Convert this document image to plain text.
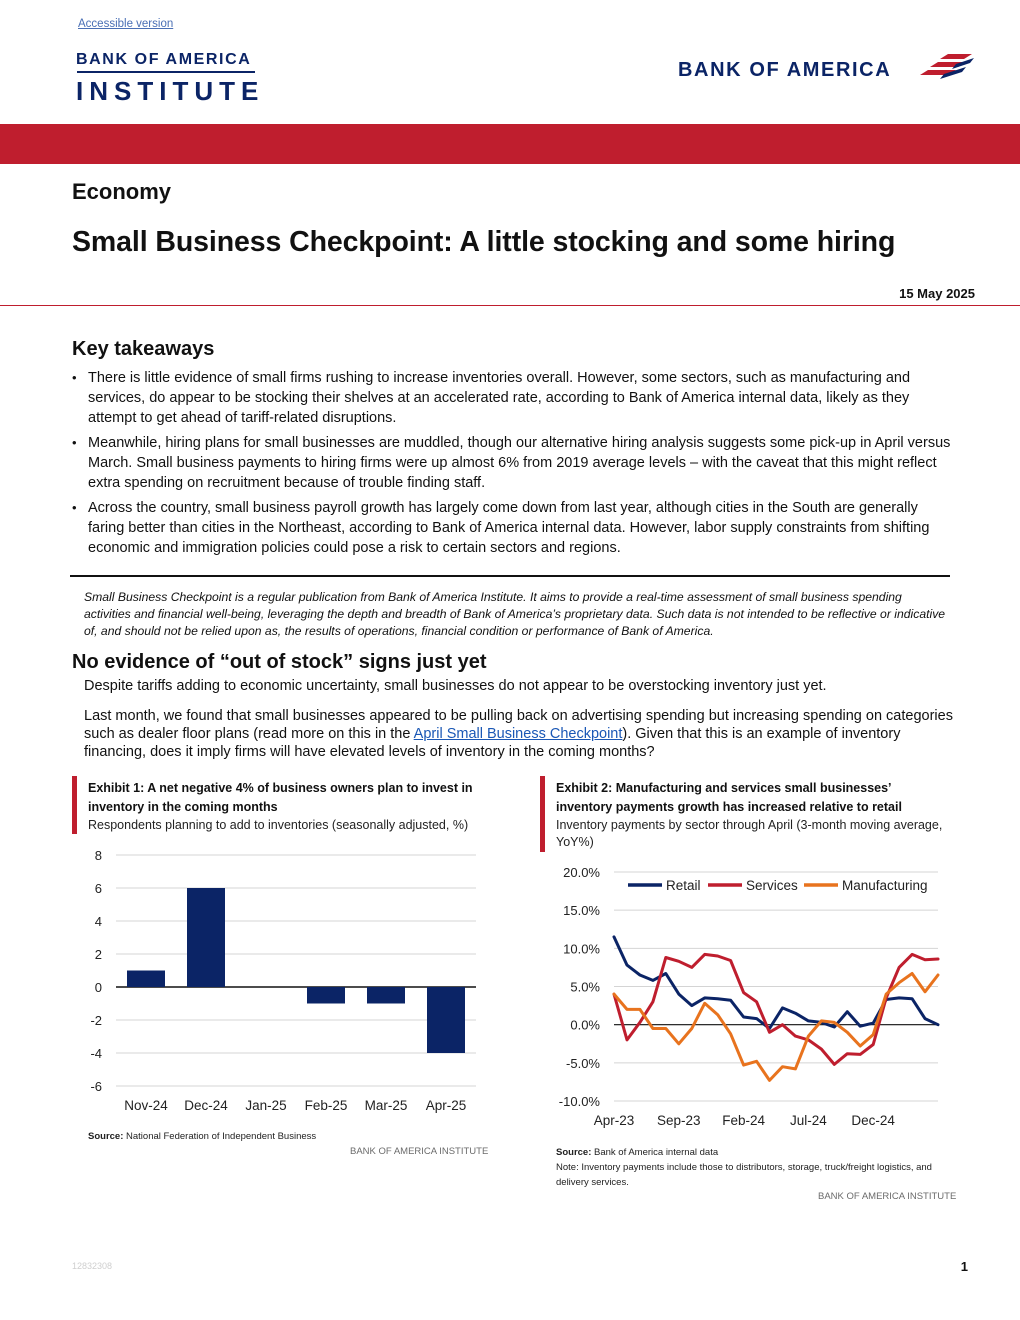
Accessible version
BANK OF AMERICA
INSTITUTE
BANK OF AMERICA
Economy
Small Business Checkpoint: A little stocking and some hiring
15 May 2025
Key takeaways
• There is little evidence of small firms rushing to increase inventories overall. However, some sectors, such as manufacturing and services, do appear to be stocking their shelves at an accelerated rate, according to Bank of America internal data, likely as they attempt to get ahead of tariff-related disruptions.
• Meanwhile, hiring plans for small businesses are muddled, though our alternative hiring analysis suggests some pick-up in April versus March. Small business payments to hiring firms were up almost 6% from 2019 average levels – with the caveat that this might reflect extra spending on recruitment because of trouble finding staff.
• Across the country, small business payroll growth has largely come down from last year, although cities in the South are generally faring better than cities in the Northeast, according to Bank of America internal data. However, labor supply constraints from shifting economic and immigration policies could pose a risk to certain sectors and regions.
Small Business Checkpoint is a regular publication from Bank of America Institute. It aims to provide a real-time assessment of small business spending activities and financial well-being, leveraging the depth and breadth of Bank of America’s proprietary data. Such data is not intended to be reflective or indicative of, and should not be relied upon as, the results of operations, financial condition or performance of Bank of America.
No evidence of “out of stock” signs just yet
Despite tariffs adding to economic uncertainty, small businesses do not appear to be overstocking inventory just yet.
Last month, we found that small businesses appeared to be pulling back on advertising spending but increasing spending on categories such as dealer floor plans (read more on this in the April Small Business Checkpoint). Given that this is an example of inventory financing, does it imply firms will have elevated levels of inventory in the coming months?
Exhibit 1: A net negative 4% of business owners plan to invest in inventory in the coming months
Respondents planning to add to inventories (seasonally adjusted, %)
8
6
4
2
0
-2
-4
-6
Nov-24 Dec-24 Jan-25 Feb-25 Mar-25 Apr-25
Source: National Federation of Independent Business
BANK OF AMERICA INSTITUTE
Exhibit 2: Manufacturing and services small businesses’ inventory payments growth has increased relative to retail
Inventory payments by sector through April (3-month moving average, YoY%)
20.0%
15.0%
10.0%
5.0%
0.0%
-5.0%
-10.0%
Apr-23 Sep-23 Feb-24 Jul-24 Dec-24
Retail	Services	Manufacturing
Source: Bank of America internal data
Note: Inventory payments include those to distributors, storage, truck/freight logistics, and delivery services.
BANK OF AMERICA INSTITUTE
12832308	1
